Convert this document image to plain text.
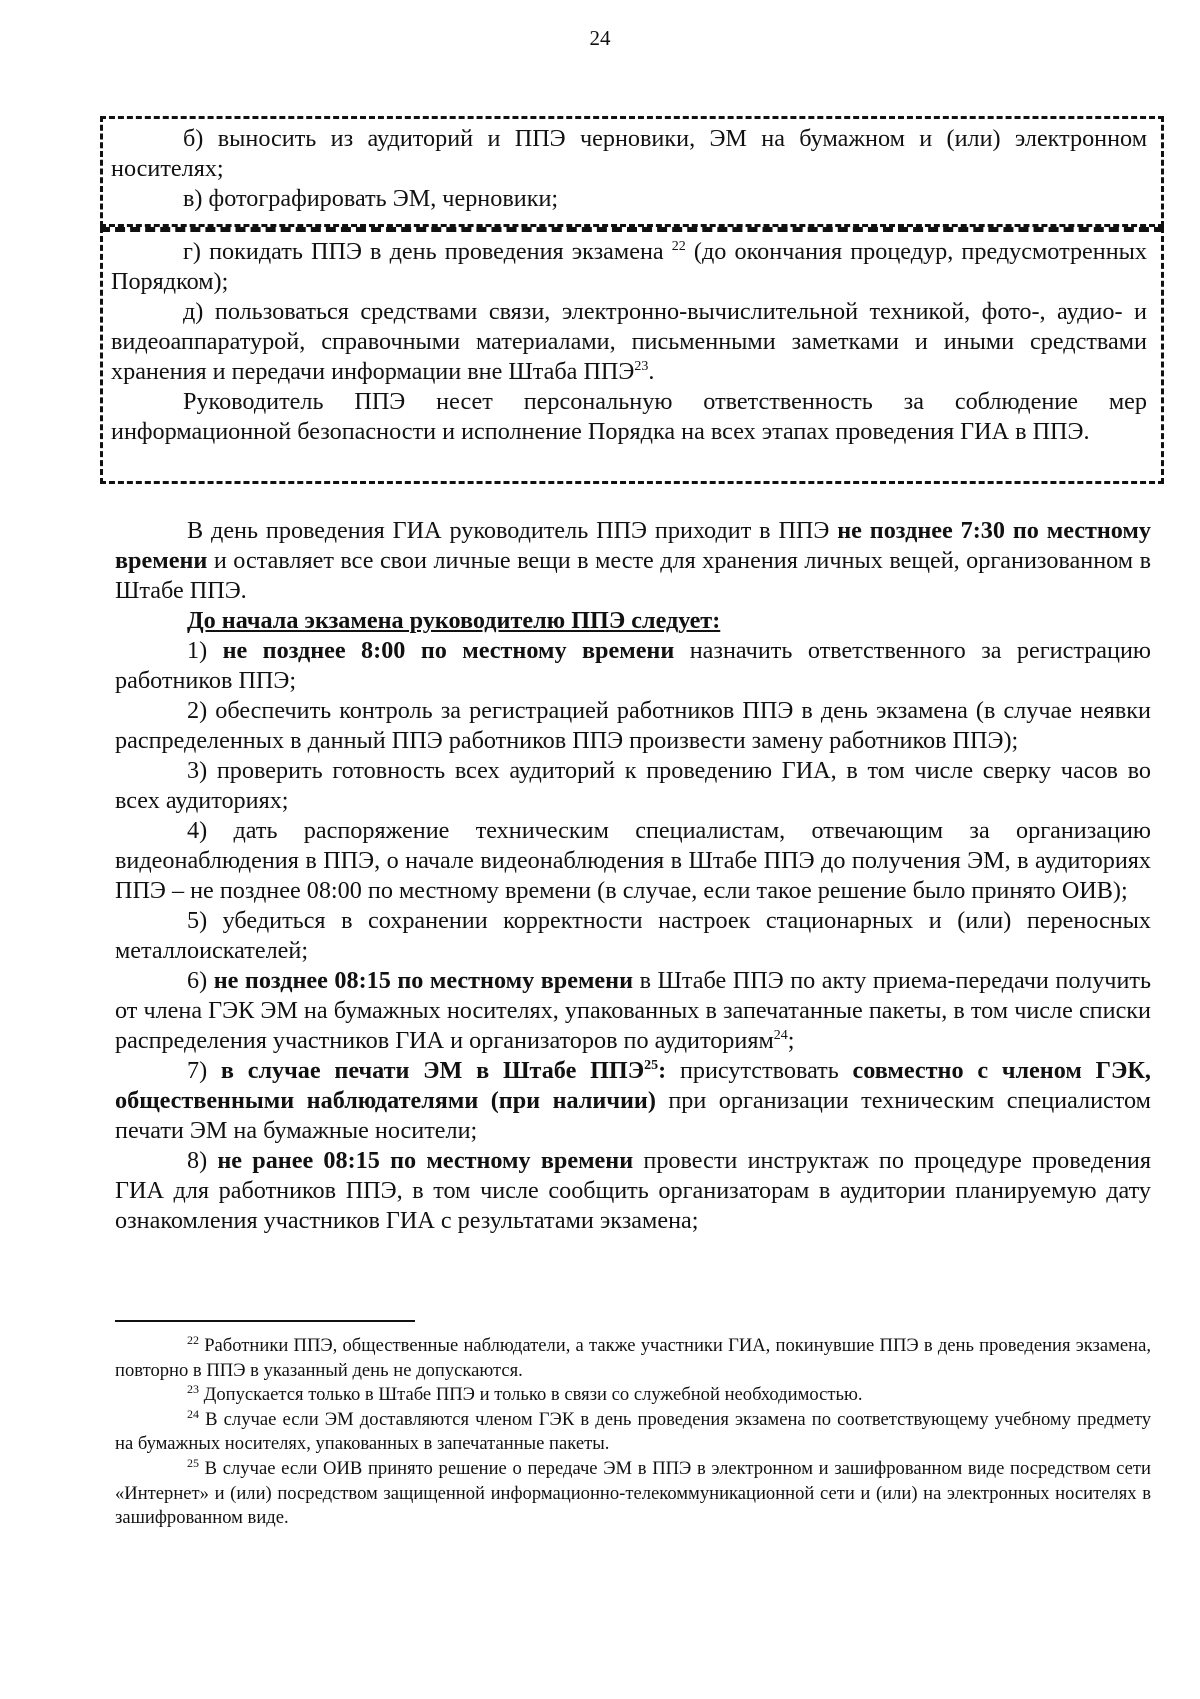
24

б) выносить из аудиторий и ППЭ черновики, ЭМ на бумажном и (или) электронном носителях;

в) фотографировать ЭМ, черновики;

г) покидать ППЭ в день проведения экзамена $^{22}$ (до окончания процедур, предусмотренных Порядком);

д) пользоваться средствами связи, электронно-вычислительной техникой, фото-, аудио- и видеоаппаратурой, справочными материалами, письменными заметками и иными средствами хранения и передачи информации вне Штаба ППЭ$^{23}$.

Руководитель ППЭ несет персональную ответственность за соблюдение мер информационной безопасности и исполнение Порядка на всех этапах проведения ГИА в ППЭ.

В день проведения ГИА руководитель ППЭ приходит в ППЭ не позднее 7:30 по местному времени и оставляет все свои личные вещи в месте для хранения личных вещей, организованном в Штабе ППЭ.

До начала экзамена руководителю ППЭ следует:

1) не позднее 8:00 по местному времени назначить ответственного за регистрацию работников ППЭ;

2) обеспечить контроль за регистрацией работников ППЭ в день экзамена (в случае неявки распределенных в данный ППЭ работников ППЭ произвести замену работников ППЭ);

3) проверить готовность всех аудиторий к проведению ГИА, в том числе сверку часов во всех аудиториях;

4) дать распоряжение техническим специалистам, отвечающим за организацию видеонаблюдения в ППЭ, о начале видеонаблюдения в Штабе ППЭ до получения ЭМ, в аудиториях ППЭ – не позднее 08:00 по местному времени (в случае, если такое решение было принято ОИВ);

5) убедиться в сохранении корректности настроек стационарных и (или) переносных металлоискателей;

6) не позднее 08:15 по местному времени в Штабе ППЭ по акту приема-передачи получить от члена ГЭК ЭМ на бумажных носителях, упакованных в запечатанные пакеты, в том числе списки распределения участников ГИА и организаторов по аудиториям$^{24}$;

7) в случае печати ЭМ в Штабе ППЭ$^{25}$: присутствовать совместно с членом ГЭК, общественными наблюдателями (при наличии) при организации техническим специалистом печати ЭМ на бумажные носители;

8) не ранее 08:15 по местному времени провести инструктаж по процедуре проведения ГИА для работников ППЭ, в том числе сообщить организаторам в аудитории планируемую дату ознакомления участников ГИА с результатами экзамена;

$^{22}$ Работники ППЭ, общественные наблюдатели, а также участники ГИА, покинувшие ППЭ в день проведения экзамена, повторно в ППЭ в указанный день не допускаются.

$^{23}$ Допускается только в Штабе ППЭ и только в связи со служебной необходимостью.

$^{24}$ В случае если ЭМ доставляются членом ГЭК в день проведения экзамена по соответствующему учебному предмету на бумажных носителях, упакованных в запечатанные пакеты.

$^{25}$ В случае если ОИВ принято решение о передаче ЭМ в ППЭ в электронном и зашифрованном виде посредством сети «Интернет» и (или) посредством защищенной информационно-телекоммуникационной сети и (или) на электронных носителях в зашифрованном виде.
